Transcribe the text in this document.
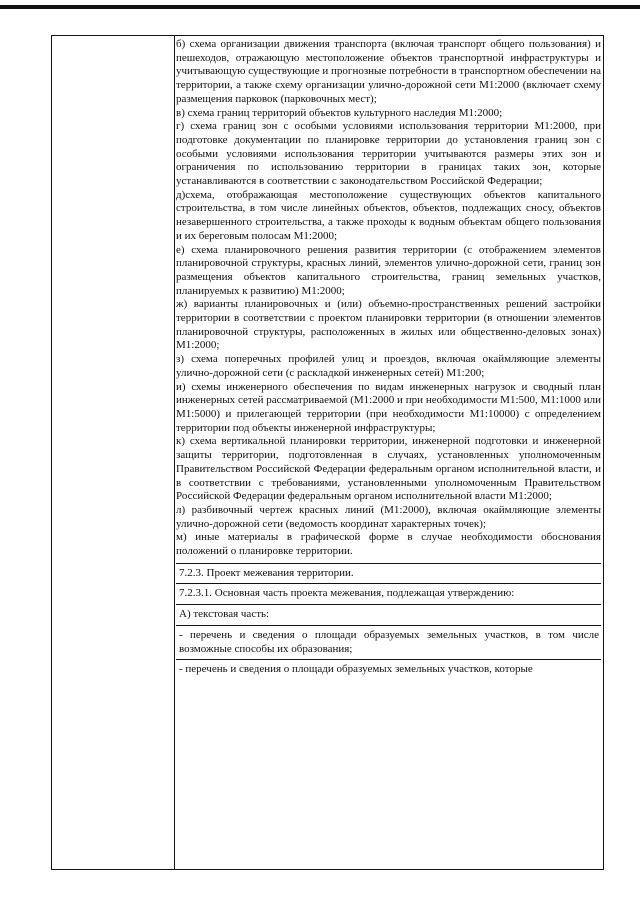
б) схема организации движения транспорта (включая транспорт общего пользования) и пешеходов, отражающую местоположение объектов транспортной инфраструктуры и учитывающую существующие и прогнозные потребности в транспортном обеспечении на территории, а также схему организации улично-дорожной сети М1:2000 (включает схему размещения парковок (парковочных мест);

в) схема границ территорий объектов культурного наследия М1:2000;

г) схема границ зон с особыми условиями использования территории М1:2000, при подготовке документации по планировке территории до установления границ зон с особыми условиями использования территории учитываются размеры этих зон и ограничения по использованию территории в границах таких зон, которые устанавливаются в соответствии с законодательством Российской Федерации;

д)схема, отображающая местоположение существующих объектов капитального строительства, в том числе линейных объектов, объектов, подлежащих сносу, объектов незавершенного строительства, а также проходы к водным объектам общего пользования и их береговым полосам М1:2000;

е) схема планировочного решения развития территории (с отображением элементов планировочной структуры, красных линий, элементов улично-дорожной сети, границ зон размещения объектов капитального строительства, границ земельных участков, планируемых к развитию) М1:2000;

ж) варианты планировочных и (или) объемно-пространственных решений застройки территории в соответствии с проектом планировки территории (в отношении элементов планировочной структуры, расположенных в жилых или общественно-деловых зонах) М1:2000;

з) схема поперечных профилей улиц и проездов, включая окаймляющие элементы улично-дорожной сети (с раскладкой инженерных сетей) М1:200;

и) схемы инженерного обеспечения по видам инженерных нагрузок и сводный план инженерных сетей рассматриваемой (М1:2000 и при необходимости М1:500, М1:1000 или М1:5000) и прилегающей территории (при необходимости М1:10000) с определением территории под объекты инженерной инфраструктуры;

к) схема вертикальной планировки территории, инженерной подготовки и инженерной защиты территории, подготовленная в случаях, установленных уполномоченным Правительством Российской Федерации федеральным органом исполнительной власти, и в соответствии с требованиями, установленными уполномоченным Правительством Российской Федерации федеральным органом исполнительной власти М1:2000;

л) разбивочный чертеж красных линий (М1:2000), включая окаймляющие элементы улично-дорожной сети (ведомость координат характерных точек);

м) иные материалы в графической форме в случае необходимости обоснования положений о планировке территории.

7.2.3. Проект межевания территории.
7.2.3.1. Основная часть проекта межевания, подлежащая утверждению:
А) текстовая часть:
- перечень и сведения о площади образуемых земельных участков, в том числе возможные способы их образования;
- перечень и сведения о площади образуемых земельных участков, которые
